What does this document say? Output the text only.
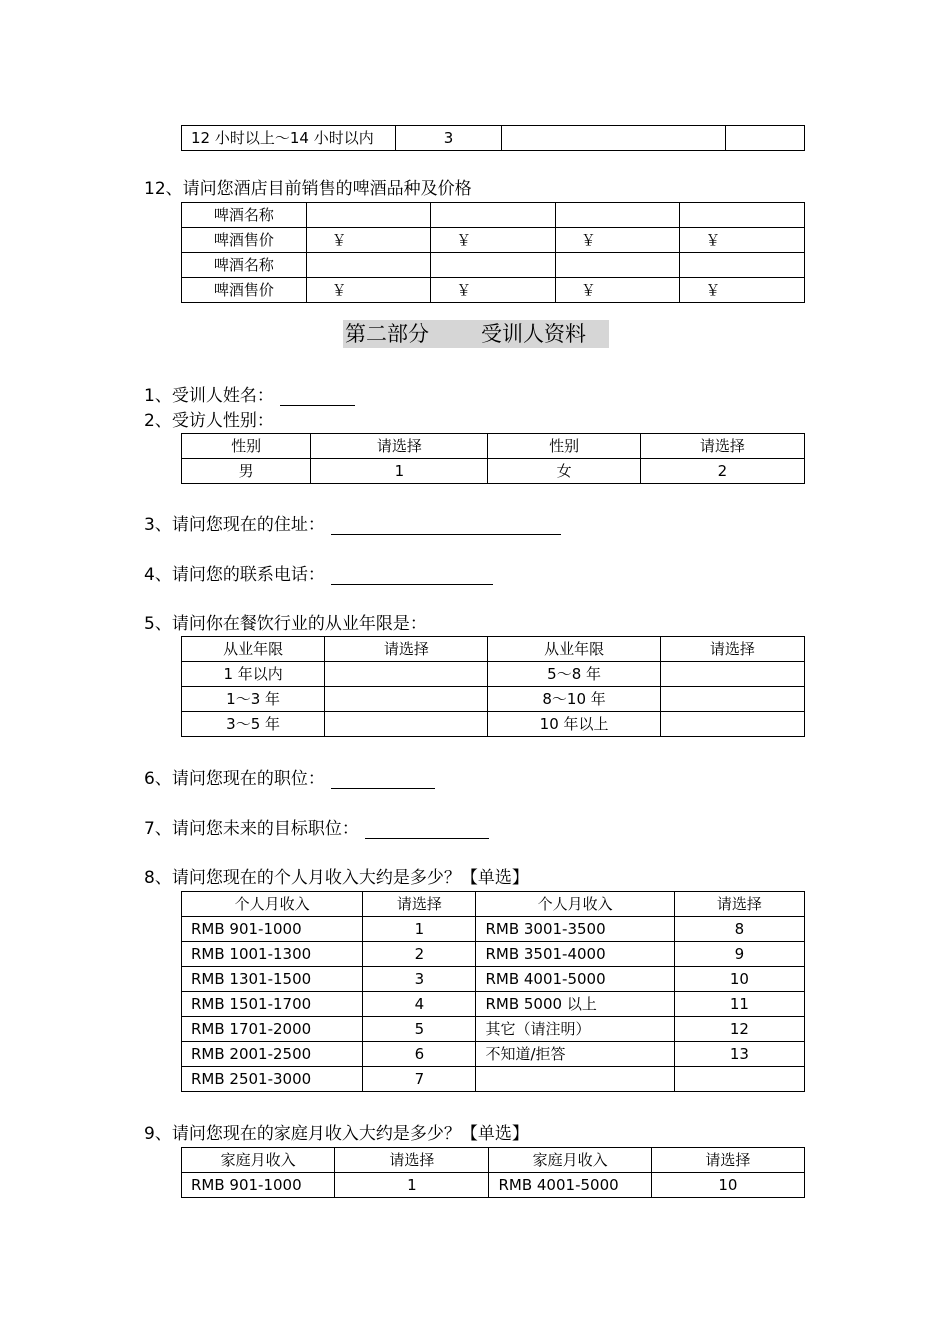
12 小时以上～14 小时以内	3		
12、请问您酒店目前销售的啤酒品种及价格
啤酒名称				
啤酒售价	￥	￥	￥	￥
啤酒名称				
啤酒售价	￥	￥	￥	￥
第二部分 受训人资料
1、受训人姓名：
2、受访人性别：
性别	请选择	性别	请选择
男	1	女	2
3、请问您现在的住址：
4、请问您的联系电话：
5、请问你在餐饮行业的从业年限是：
从业年限	请选择	从业年限	请选择
1 年以内		5～8 年	
1～3 年		8～10 年	
3～5 年		10 年以上	
6、请问您现在的职位：
7、请问您未来的目标职位：
8、请问您现在的个人月收入大约是多少？【单选】
个人月收入	请选择	个人月收入	请选择
RMB 901-1000	1	RMB 3001-3500	8
RMB 1001-1300	2	RMB 3501-4000	9
RMB 1301-1500	3	RMB 4001-5000	10
RMB 1501-1700	4	RMB 5000 以上	11
RMB 1701-2000	5	其它（请注明）	12
RMB 2001-2500	6	不知道/拒答	13
RMB 2501-3000	7		
9、请问您现在的家庭月收入大约是多少？【单选】
家庭月收入	请选择	家庭月收入	请选择
RMB 901-1000	1	RMB 4001-5000	10
